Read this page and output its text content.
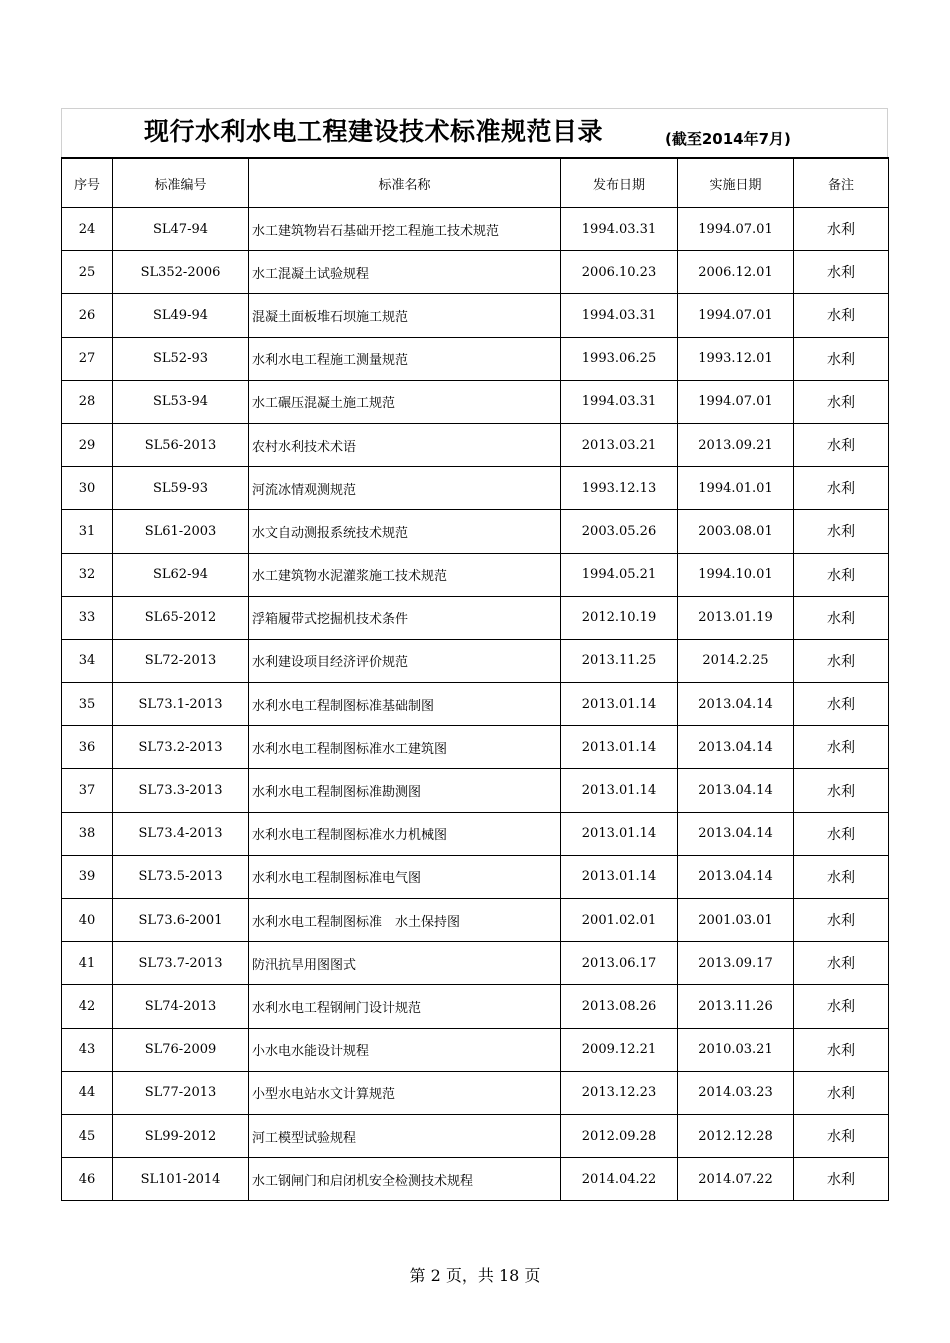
现行水利水电工程建设技术标准规范目录	(截至2014年7月)
序号	标准编号	标准名称	发布日期	实施日期	备注
24	SL47-94	水工建筑物岩石基础开挖工程施工技术规范	1994.03.31	1994.07.01	水利
25	SL352-2006	水工混凝土试验规程	2006.10.23	2006.12.01	水利
26	SL49-94	混凝土面板堆石坝施工规范	1994.03.31	1994.07.01	水利
27	SL52-93	水利水电工程施工测量规范	1993.06.25	1993.12.01	水利
28	SL53-94	水工碾压混凝土施工规范	1994.03.31	1994.07.01	水利
29	SL56-2013	农村水利技术术语	2013.03.21	2013.09.21	水利
30	SL59-93	河流冰情观测规范	1993.12.13	1994.01.01	水利
31	SL61-2003	水文自动测报系统技术规范	2003.05.26	2003.08.01	水利
32	SL62-94	水工建筑物水泥灌浆施工技术规范	1994.05.21	1994.10.01	水利
33	SL65-2012	浮箱履带式挖掘机技术条件	2012.10.19	2013.01.19	水利
34	SL72-2013	水利建设项目经济评价规范	2013.11.25	2014.2.25	水利
35	SL73.1-2013	水利水电工程制图标准基础制图	2013.01.14	2013.04.14	水利
36	SL73.2-2013	水利水电工程制图标准水工建筑图	2013.01.14	2013.04.14	水利
37	SL73.3-2013	水利水电工程制图标准勘测图	2013.01.14	2013.04.14	水利
38	SL73.4-2013	水利水电工程制图标准水力机械图	2013.01.14	2013.04.14	水利
39	SL73.5-2013	水利水电工程制图标准电气图	2013.01.14	2013.04.14	水利
40	SL73.6-2001	水利水电工程制图标准　水土保持图	2001.02.01	2001.03.01	水利
41	SL73.7-2013	防汛抗旱用图图式	2013.06.17	2013.09.17	水利
42	SL74-2013	水利水电工程钢闸门设计规范	2013.08.26	2013.11.26	水利
43	SL76-2009	小水电水能设计规程	2009.12.21	2010.03.21	水利
44	SL77-2013	小型水电站水文计算规范	2013.12.23	2014.03.23	水利
45	SL99-2012	河工模型试验规程	2012.09.28	2012.12.28	水利
46	SL101-2014	水工钢闸门和启闭机安全检测技术规程	2014.04.22	2014.07.22	水利
第 2 页，共 18 页
